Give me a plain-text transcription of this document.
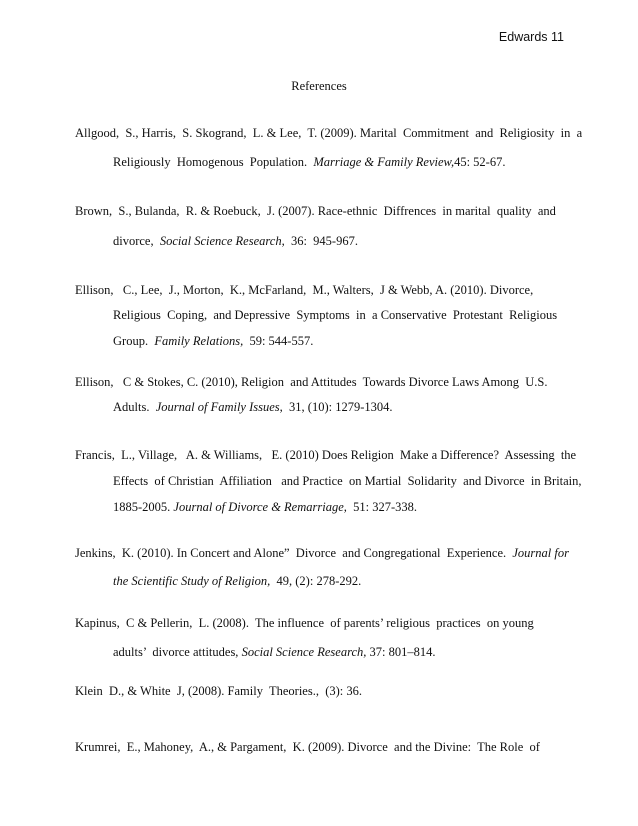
Edwards 11
References
Allgood,  S., Harris,  S. Skogrand,  L. & Lee,  T. (2009). Marital  Commitment  and  Religiosity  in  a
Religiously  Homogenous  Population.  Marriage & Family Review,45: 52-67.
Brown,  S., Bulanda,  R. & Roebuck,  J. (2007). Race-ethnic  Diffrences  in marital  quality  and
divorce,  Social Science Research,  36:  945-967.
Ellison,   C., Lee,  J., Morton,  K., McFarland,  M., Walters,  J & Webb, A. (2010). Divorce,
Religious  Coping,  and Depressive  Symptoms  in  a Conservative  Protestant  Religious
Group.  Family Relations,  59: 544-557.
Ellison,   C & Stokes, C. (2010), Religion  and Attitudes  Towards Divorce Laws Among  U.S.
Adults.  Journal of Family Issues,  31, (10): 1279-1304.
Francis,  L., Village,   A. & Williams,   E. (2010) Does Religion  Make a Difference?  Assessing  the
Effects  of Christian  Affiliation   and Practice  on Martial  Solidarity  and Divorce  in Britain,
1885-2005. Journal of Divorce & Remarriage,  51: 327-338.
Jenkins,  K. (2010). In Concert and Alone”  Divorce  and Congregational  Experience.  Journal for
the Scientific Study of Religion,  49, (2): 278-292.
Kapinus,  C & Pellerin,  L. (2008).  The influence  of parents’ religious  practices  on young
adults’  divorce attitudes, Social Science Research, 37: 801–814.
Klein  D., & White  J, (2008). Family  Theories.,  (3): 36.
Krumrei,  E., Mahoney,  A., & Pargament,  K. (2009). Divorce  and the Divine:  The Role  of
